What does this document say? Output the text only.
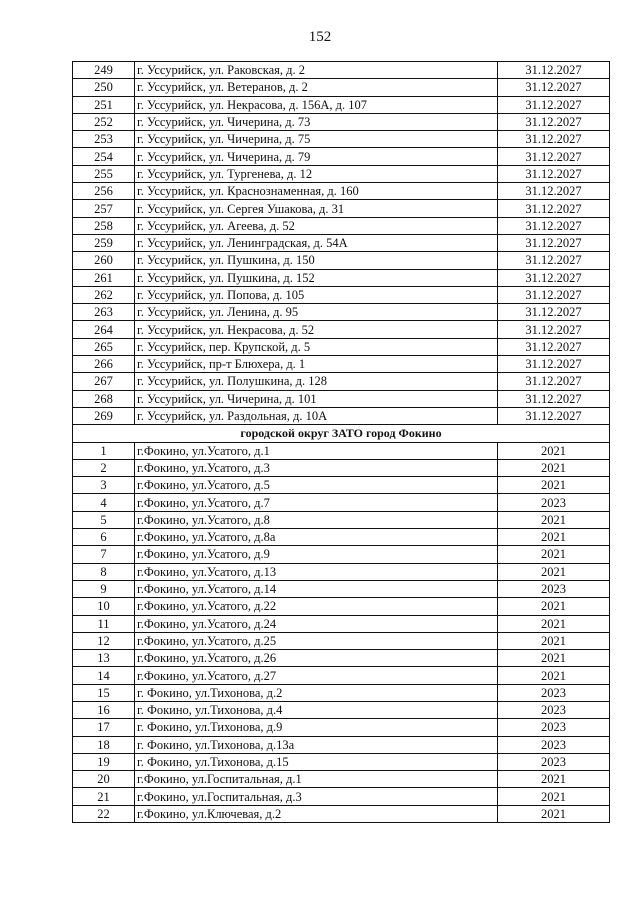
152
249	г. Уссурийск, ул. Раковская, д. 2	31.12.2027
250	г. Уссурийск, ул. Ветеранов, д. 2	31.12.2027
251	г. Уссурийск, ул. Некрасова, д. 156А, д. 107	31.12.2027
252	г. Уссурийск, ул. Чичерина, д. 73	31.12.2027
253	г. Уссурийск, ул. Чичерина, д. 75	31.12.2027
254	г. Уссурийск, ул. Чичерина, д. 79	31.12.2027
255	г. Уссурийск, ул. Тургенева, д. 12	31.12.2027
256	г. Уссурийск, ул. Краснознаменная, д. 160	31.12.2027
257	г. Уссурийск, ул. Сергея Ушакова, д. 31	31.12.2027
258	г. Уссурийск, ул. Агеева, д. 52	31.12.2027
259	г. Уссурийск, ул. Ленинградская, д. 54А	31.12.2027
260	г. Уссурийск, ул. Пушкина, д. 150	31.12.2027
261	г. Уссурийск, ул. Пушкина, д. 152	31.12.2027
262	г. Уссурийск, ул. Попова, д. 105	31.12.2027
263	г. Уссурийск, ул. Ленина, д. 95	31.12.2027
264	г. Уссурийск, ул. Некрасова, д. 52	31.12.2027
265	г. Уссурийск, пер. Крупской, д. 5	31.12.2027
266	г. Уссурийск, пр-т Блюхера, д. 1	31.12.2027
267	г. Уссурийск, ул. Полушкина, д. 128	31.12.2027
268	г. Уссурийск, ул. Чичерина, д. 101	31.12.2027
269	г. Уссурийск, ул. Раздольная, д. 10А	31.12.2027
городской округ ЗАТО город Фокино		
1	г.Фокино, ул.Усатого, д.1	2021
2	г.Фокино, ул.Усатого, д.3	2021
3	г.Фокино, ул.Усатого, д.5	2021
4	г.Фокино, ул.Усатого, д.7	2023
5	г.Фокино, ул.Усатого, д.8	2021
6	г.Фокино, ул.Усатого, д.8а	2021
7	г.Фокино, ул.Усатого, д.9	2021
8	г.Фокино, ул.Усатого, д.13	2021
9	г.Фокино, ул.Усатого, д.14	2023
10	г.Фокино, ул.Усатого, д.22	2021
11	г.Фокино, ул.Усатого, д.24	2021
12	г.Фокино, ул.Усатого, д.25	2021
13	г.Фокино, ул.Усатого, д.26	2021
14	г.Фокино, ул.Усатого, д.27	2021
15	г. Фокино, ул.Тихонова, д.2	2023
16	г. Фокино, ул.Тихонова, д.4	2023
17	г. Фокино, ул.Тихонова, д.9	2023
18	г. Фокино, ул.Тихонова, д.13а	2023
19	г. Фокино, ул.Тихонова, д.15	2023
20	г.Фокино, ул.Госпитальная, д.1	2021
21	г.Фокино, ул.Госпитальная, д.3	2021
22	г.Фокино, ул.Ключевая, д.2	2021
